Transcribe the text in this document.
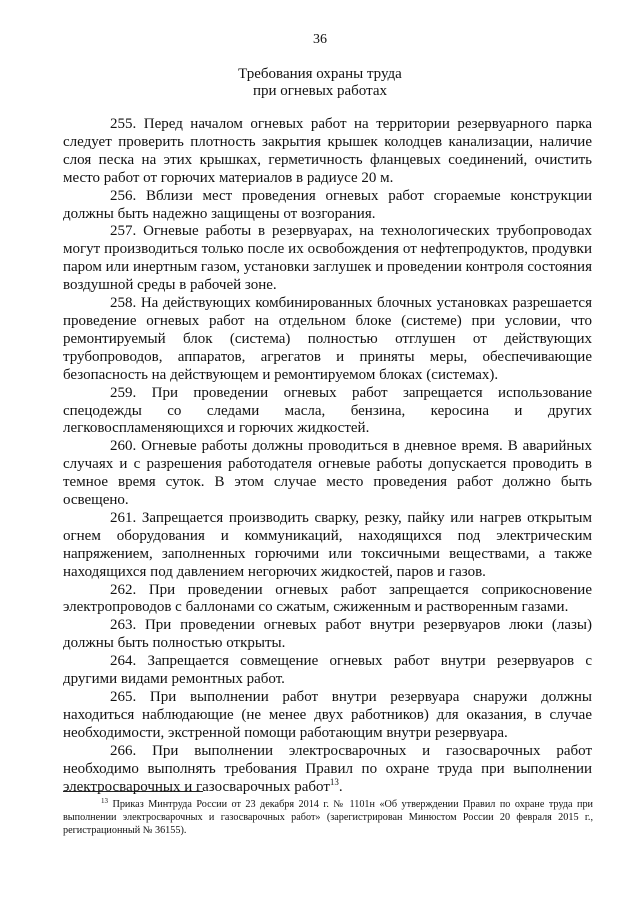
36
Требования охраны труда
при огневых работах

255. Перед началом огневых работ на территории резервуарного парка следует проверить плотность закрытия крышек колодцев канализации, наличие слоя песка на этих крышках, герметичность фланцевых соединений, очистить место работ от горючих материалов в радиусе 20 м.

256. Вблизи мест проведения огневых работ сгораемые конструкции должны быть надежно защищены от возгорания.

257. Огневые работы в резервуарах, на технологических трубопроводах могут производиться только после их освобождения от нефтепродуктов, продувки паром или инертным газом, установки заглушек и проведении контроля состояния воздушной среды в рабочей зоне.

258. На действующих комбинированных блочных установках разрешается проведение огневых работ на отдельном блоке (системе) при условии, что ремонтируемый блок (система) полностью отглушен от действующих трубопроводов, аппаратов, агрегатов и приняты меры, обеспечивающие безопасность на действующем и ремонтируемом блоках (системах).

259. При проведении огневых работ запрещается использование спецодежды со следами масла, бензина, керосина и других легковоспламеняющихся и горючих жидкостей.

260. Огневые работы должны проводиться в дневное время. В аварийных случаях и с разрешения работодателя огневые работы допускается проводить в темное время суток. В этом случае место проведения работ должно быть освещено.

261. Запрещается производить сварку, резку, пайку или нагрев открытым огнем оборудования и коммуникаций, находящихся под электрическим напряжением, заполненных горючими или токсичными веществами, а также находящихся под давлением негорючих жидкостей, паров и газов.

262. При проведении огневых работ запрещается соприкосновение электропроводов с баллонами со сжатым, сжиженным и растворенным газами.

263. При проведении огневых работ внутри резервуаров люки (лазы) должны быть полностью открыты.

264. Запрещается совмещение огневых работ внутри резервуаров с другими видами ремонтных работ.

265. При выполнении работ внутри резервуара снаружи должны находиться наблюдающие (не менее двух работников) для оказания, в случае необходимости, экстренной помощи работающим внутри резервуара.

266. При выполнении электросварочных и газосварочных работ необходимо выполнять требования Правил по охране труда при выполнении электросварочных и газосварочных работ$^{13}$.

$^{13}$ Приказ Минтруда России от 23 декабря 2014 г. № 1101н «Об утверждении Правил по охране труда при выполнении электросварочных и газосварочных работ» (зарегистрирован Минюстом России 20 февраля 2015 г., регистрационный № 36155).
